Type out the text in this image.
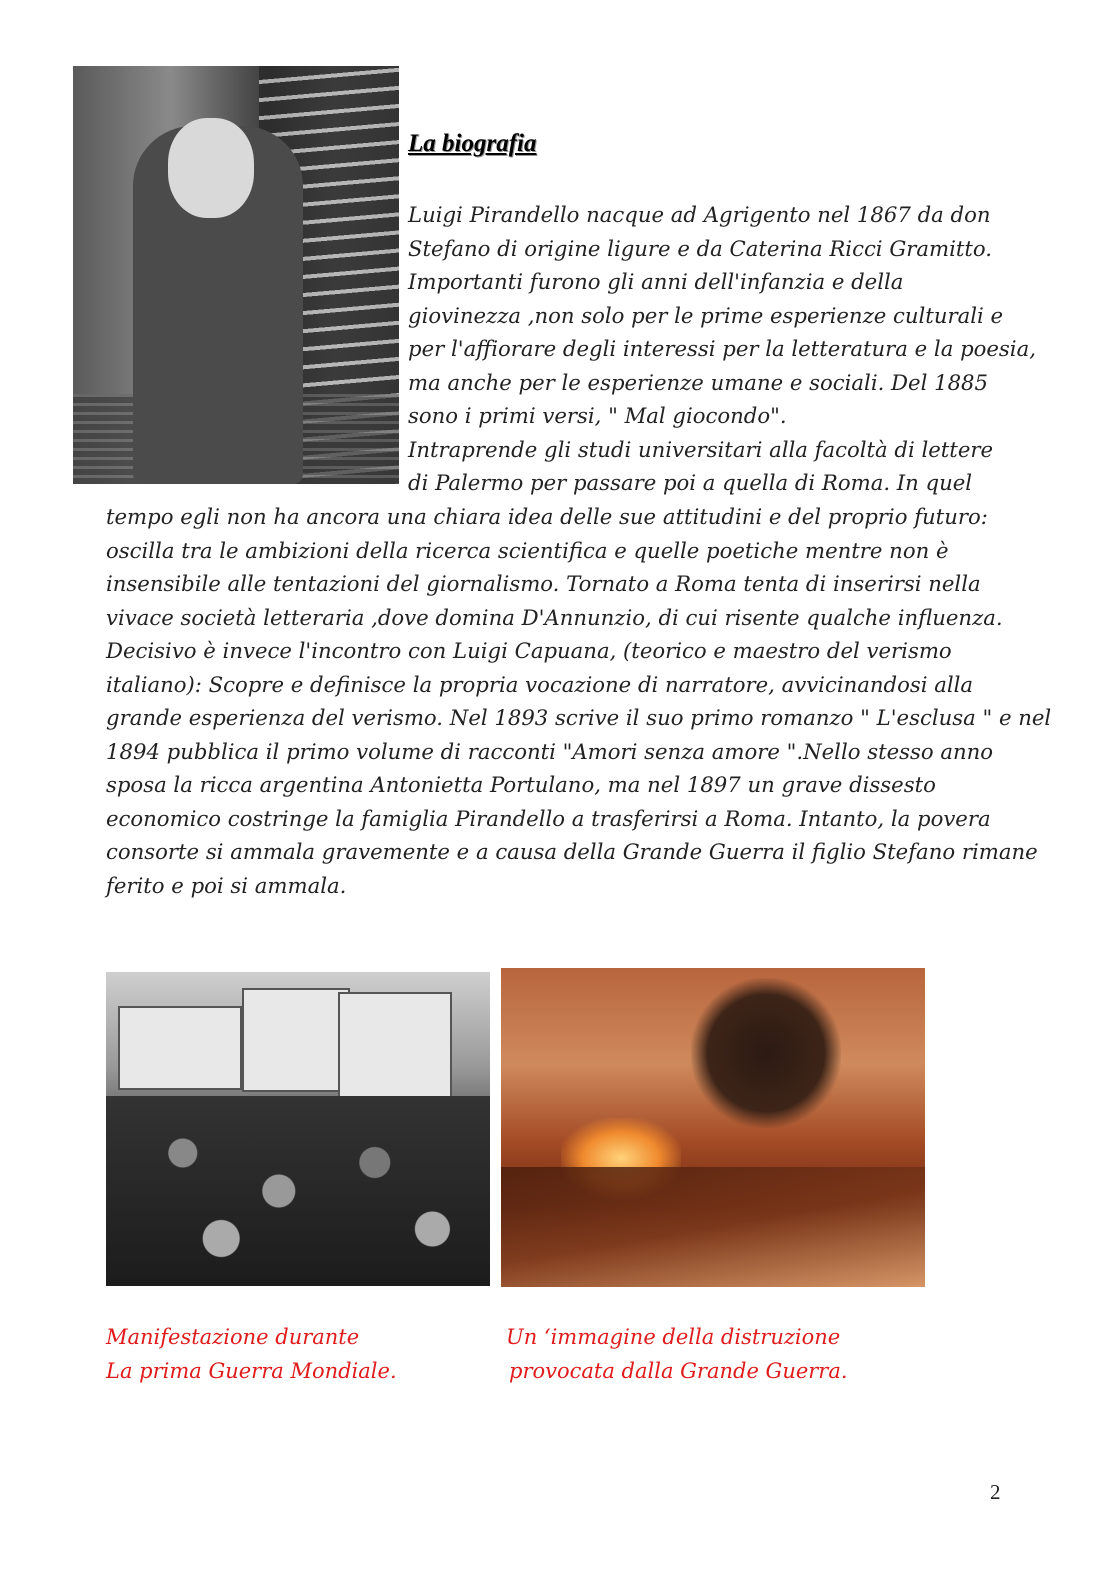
La biografia
Luigi Pirandello nacque ad Agrigento nel 1867 da don
Stefano di origine ligure e da Caterina Ricci Gramitto.
Importanti furono gli anni dell'infanzia e della
giovinezza ,non solo per le prime esperienze culturali e
per l'affiorare degli interessi per la letteratura e la poesia,
ma anche per le esperienze umane e sociali. Del 1885
sono i primi versi, " Mal giocondo".
Intraprende gli studi universitari alla facoltà di lettere
di Palermo per passare poi a quella di Roma. In quel
tempo egli non ha ancora una chiara idea delle sue attitudini e del proprio futuro:
oscilla tra le ambizioni della ricerca scientifica e quelle poetiche mentre non è
insensibile alle tentazioni del giornalismo. Tornato a Roma tenta di inserirsi nella
vivace società letteraria ,dove domina D'Annunzio, di cui risente qualche influenza.
Decisivo è invece l'incontro con Luigi Capuana, (teorico e maestro del verismo
italiano): Scopre e definisce la propria vocazione di narratore, avvicinandosi alla
grande esperienza del verismo. Nel 1893 scrive il suo primo romanzo " L'esclusa " e nel
1894 pubblica il primo volume di racconti "Amori senza amore ".Nello stesso anno
sposa la ricca argentina Antonietta Portulano, ma nel 1897 un grave dissesto
economico costringe la famiglia Pirandello a trasferirsi a Roma. Intanto, la povera
consorte si ammala gravemente e a causa della Grande Guerra il figlio Stefano rimane
ferito e poi si ammala.
Manifestazione durante
La prima Guerra Mondiale.
Un ‘immagine della distruzione
provocata dalla Grande Guerra.
2
